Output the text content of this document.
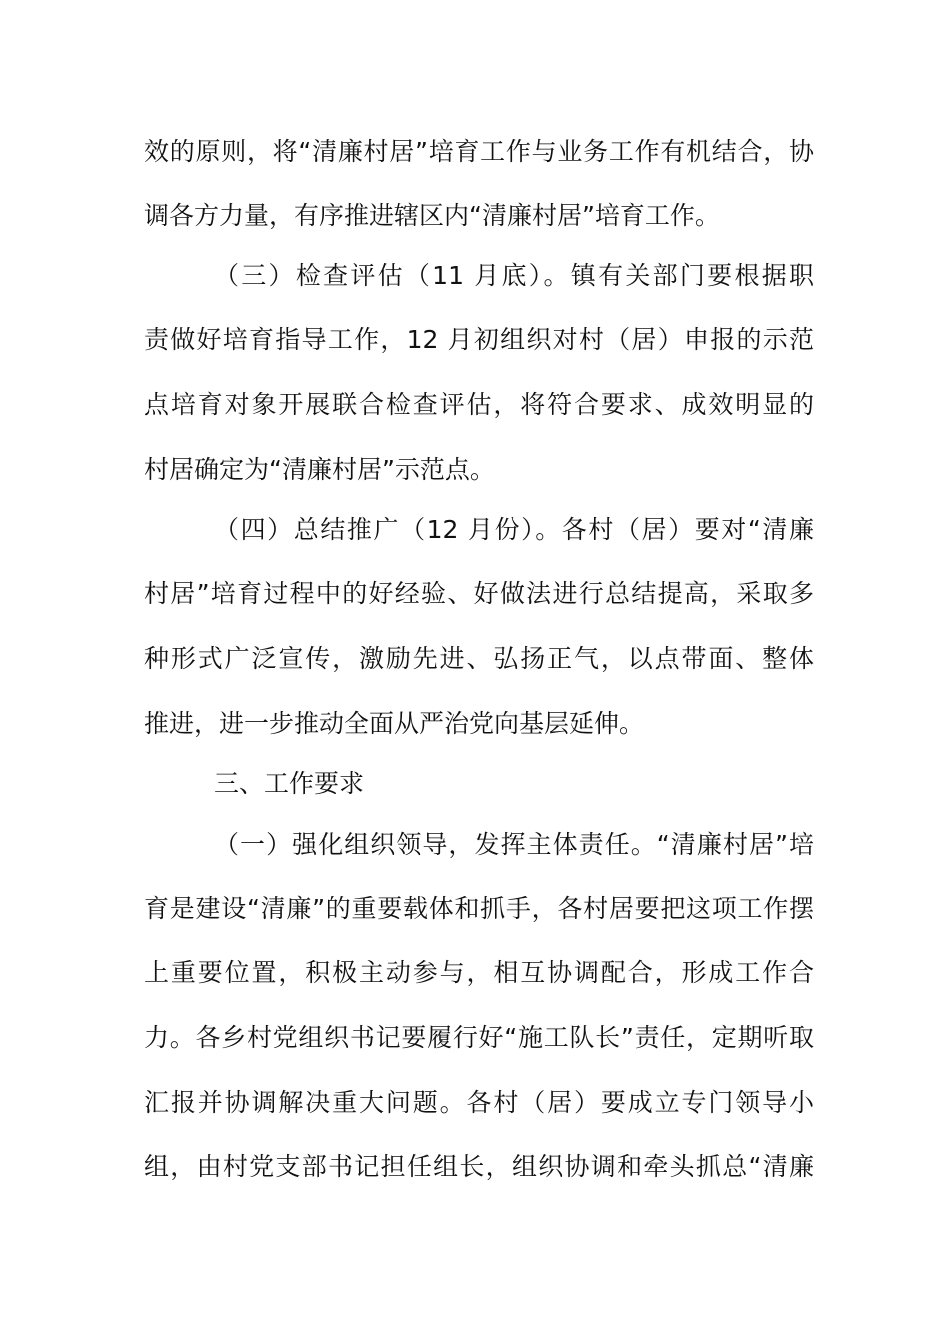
效的原则，将“清廉村居”培育工作与业务工作有机结合，协
调各方力量，有序推进辖区内“清廉村居”培育工作。
（三）检查评估（11 月底）。镇有关部门要根据职
责做好培育指导工作，12 月初组织对村（居）申报的示范
点培育对象开展联合检查评估，将符合要求、成效明显的
村居确定为“清廉村居”示范点。
（四）总结推广（12 月份）。各村（居）要对“清廉
村居”培育过程中的好经验、好做法进行总结提高，采取多
种形式广泛宣传，激励先进、弘扬正气，以点带面、整体
推进，进一步推动全面从严治党向基层延伸。
三、工作要求
（一）强化组织领导，发挥主体责任。“清廉村居”培
育是建设“清廉”的重要载体和抓手，各村居要把这项工作摆
上重要位置，积极主动参与，相互协调配合，形成工作合
力。各乡村党组织书记要履行好“施工队长”责任，定期听取
汇报并协调解决重大问题。各村（居）要成立专门领导小
组，由村党支部书记担任组长，组织协调和牵头抓总“清廉
